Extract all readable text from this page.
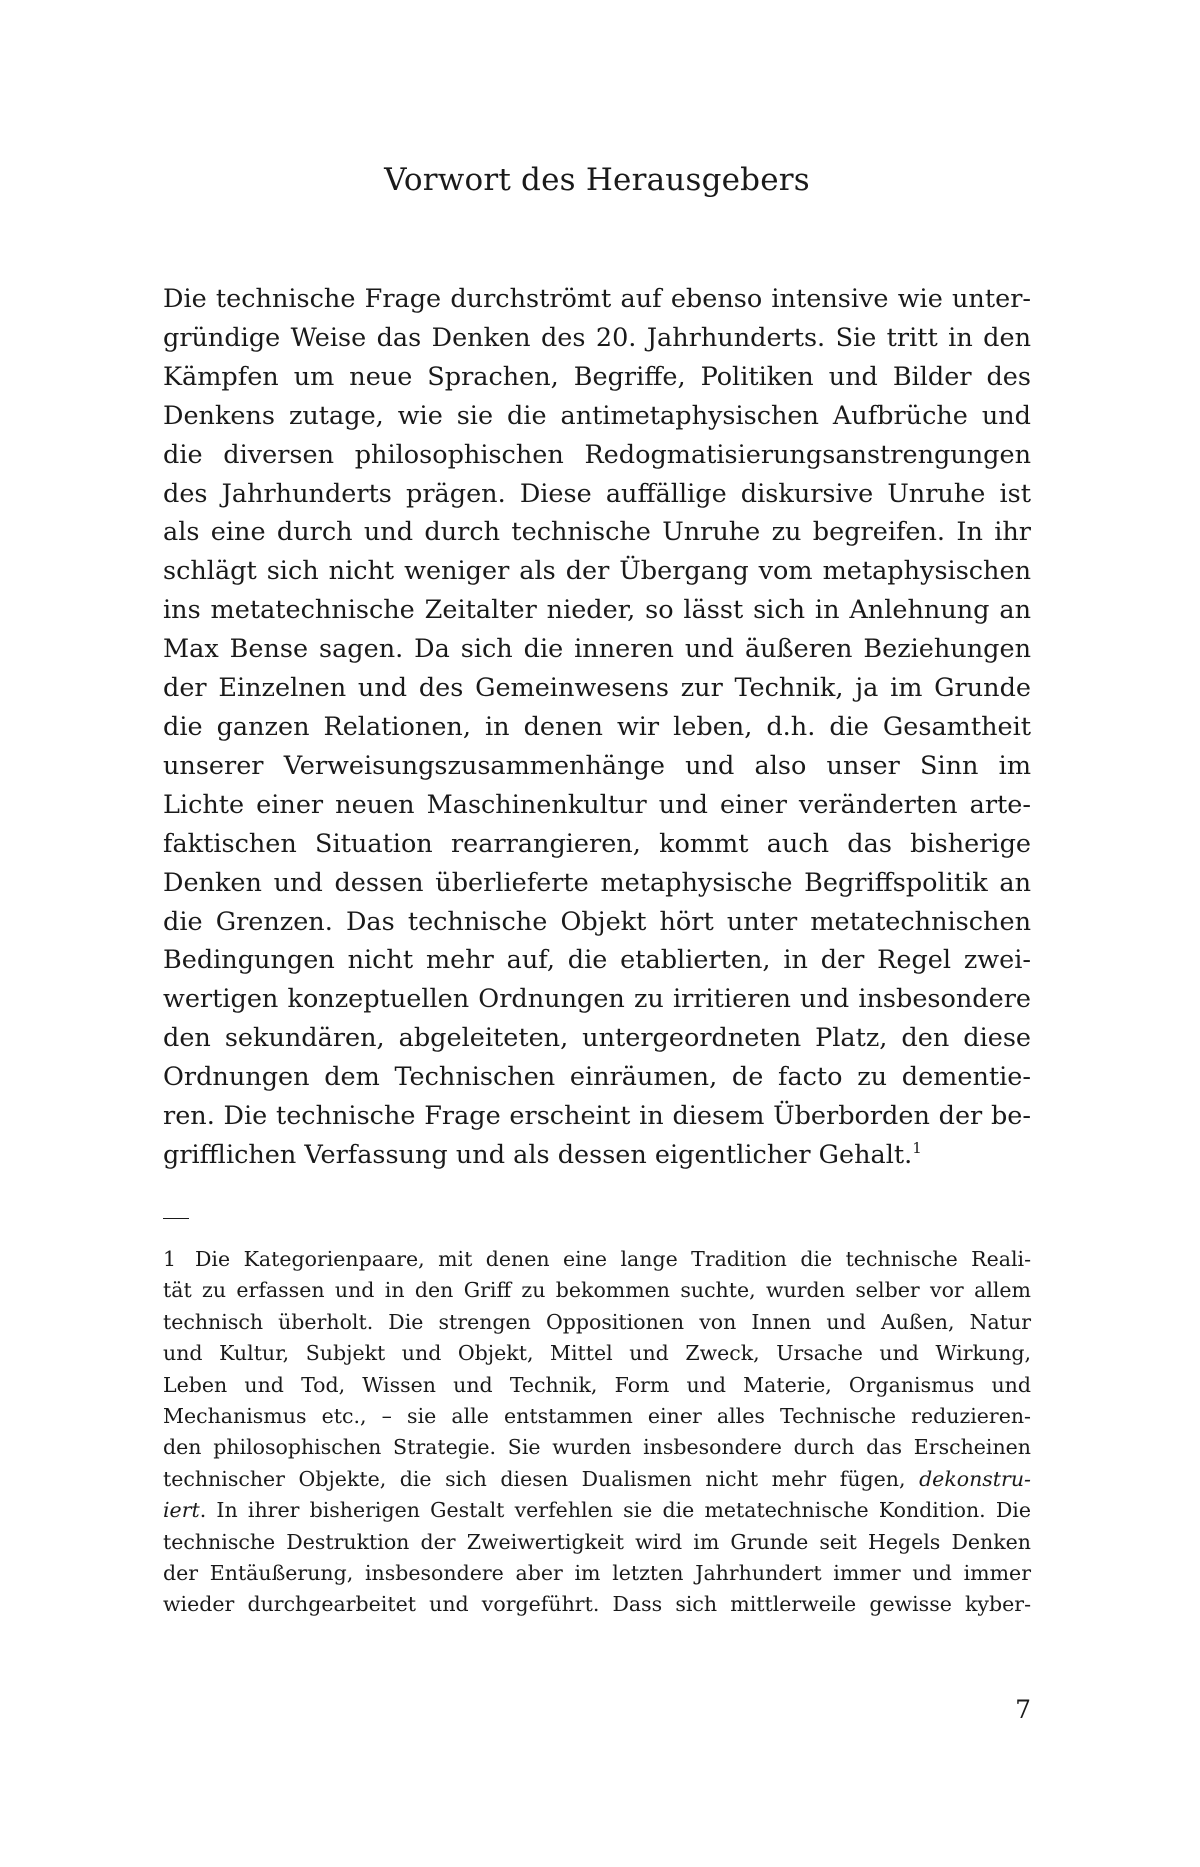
Vorwort des Herausgebers
Die technische Frage durchströmt auf ebenso intensive wie unter-
gründige Weise das Denken des 20. Jahrhunderts. Sie tritt in den
Kämpfen um neue Sprachen, Begriffe, Politiken und Bilder des
Denkens zutage, wie sie die antimetaphysischen Aufbrüche und
die diversen philosophischen Redogmatisierungsanstrengungen
des Jahrhunderts prägen. Diese auffällige diskursive Unruhe ist
als eine durch und durch technische Unruhe zu begreifen. In ihr
schlägt sich nicht weniger als der Übergang vom metaphysischen
ins metatechnische Zeitalter nieder, so lässt sich in Anlehnung an
Max Bense sagen. Da sich die inneren und äußeren Beziehungen
der Einzelnen und des Gemeinwesens zur Technik, ja im Grunde
die ganzen Relationen, in denen wir leben, d.h. die Gesamtheit
unserer Verweisungszusammenhänge und also unser Sinn im
Lichte einer neuen Maschinenkultur und einer veränderten arte-
faktischen Situation rearrangieren, kommt auch das bisherige
Denken und dessen überlieferte metaphysische Begriffspolitik an
die Grenzen. Das technische Objekt hört unter metatechnischen
Bedingungen nicht mehr auf, die etablierten, in der Regel zwei-
wertigen konzeptuellen Ordnungen zu irritieren und insbesondere
den sekundären, abgeleiteten, untergeordneten Platz, den diese
Ordnungen dem Technischen einräumen, de facto zu dementie-
ren. Die technische Frage erscheint in diesem Überborden der be-
grifflichen Verfassung und als dessen eigentlicher Gehalt.$^1$
1 Die Kategorienpaare, mit denen eine lange Tradition die technische Reali-
tät zu erfassen und in den Griff zu bekommen suchte, wurden selber vor allem
technisch überholt. Die strengen Oppositionen von Innen und Außen, Natur
und Kultur, Subjekt und Objekt, Mittel und Zweck, Ursache und Wirkung,
Leben und Tod, Wissen und Technik, Form und Materie, Organismus und
Mechanismus etc., – sie alle entstammen einer alles Technische reduzieren-
den philosophischen Strategie. Sie wurden insbesondere durch das Erscheinen
technischer Objekte, die sich diesen Dualismen nicht mehr fügen, dekonstru-
iert. In ihrer bisherigen Gestalt verfehlen sie die metatechnische Kondition. Die
technische Destruktion der Zweiwertigkeit wird im Grunde seit Hegels Denken
der Entäußerung, insbesondere aber im letzten Jahrhundert immer und immer
wieder durchgearbeitet und vorgeführt. Dass sich mittlerweile gewisse kyber-
7
